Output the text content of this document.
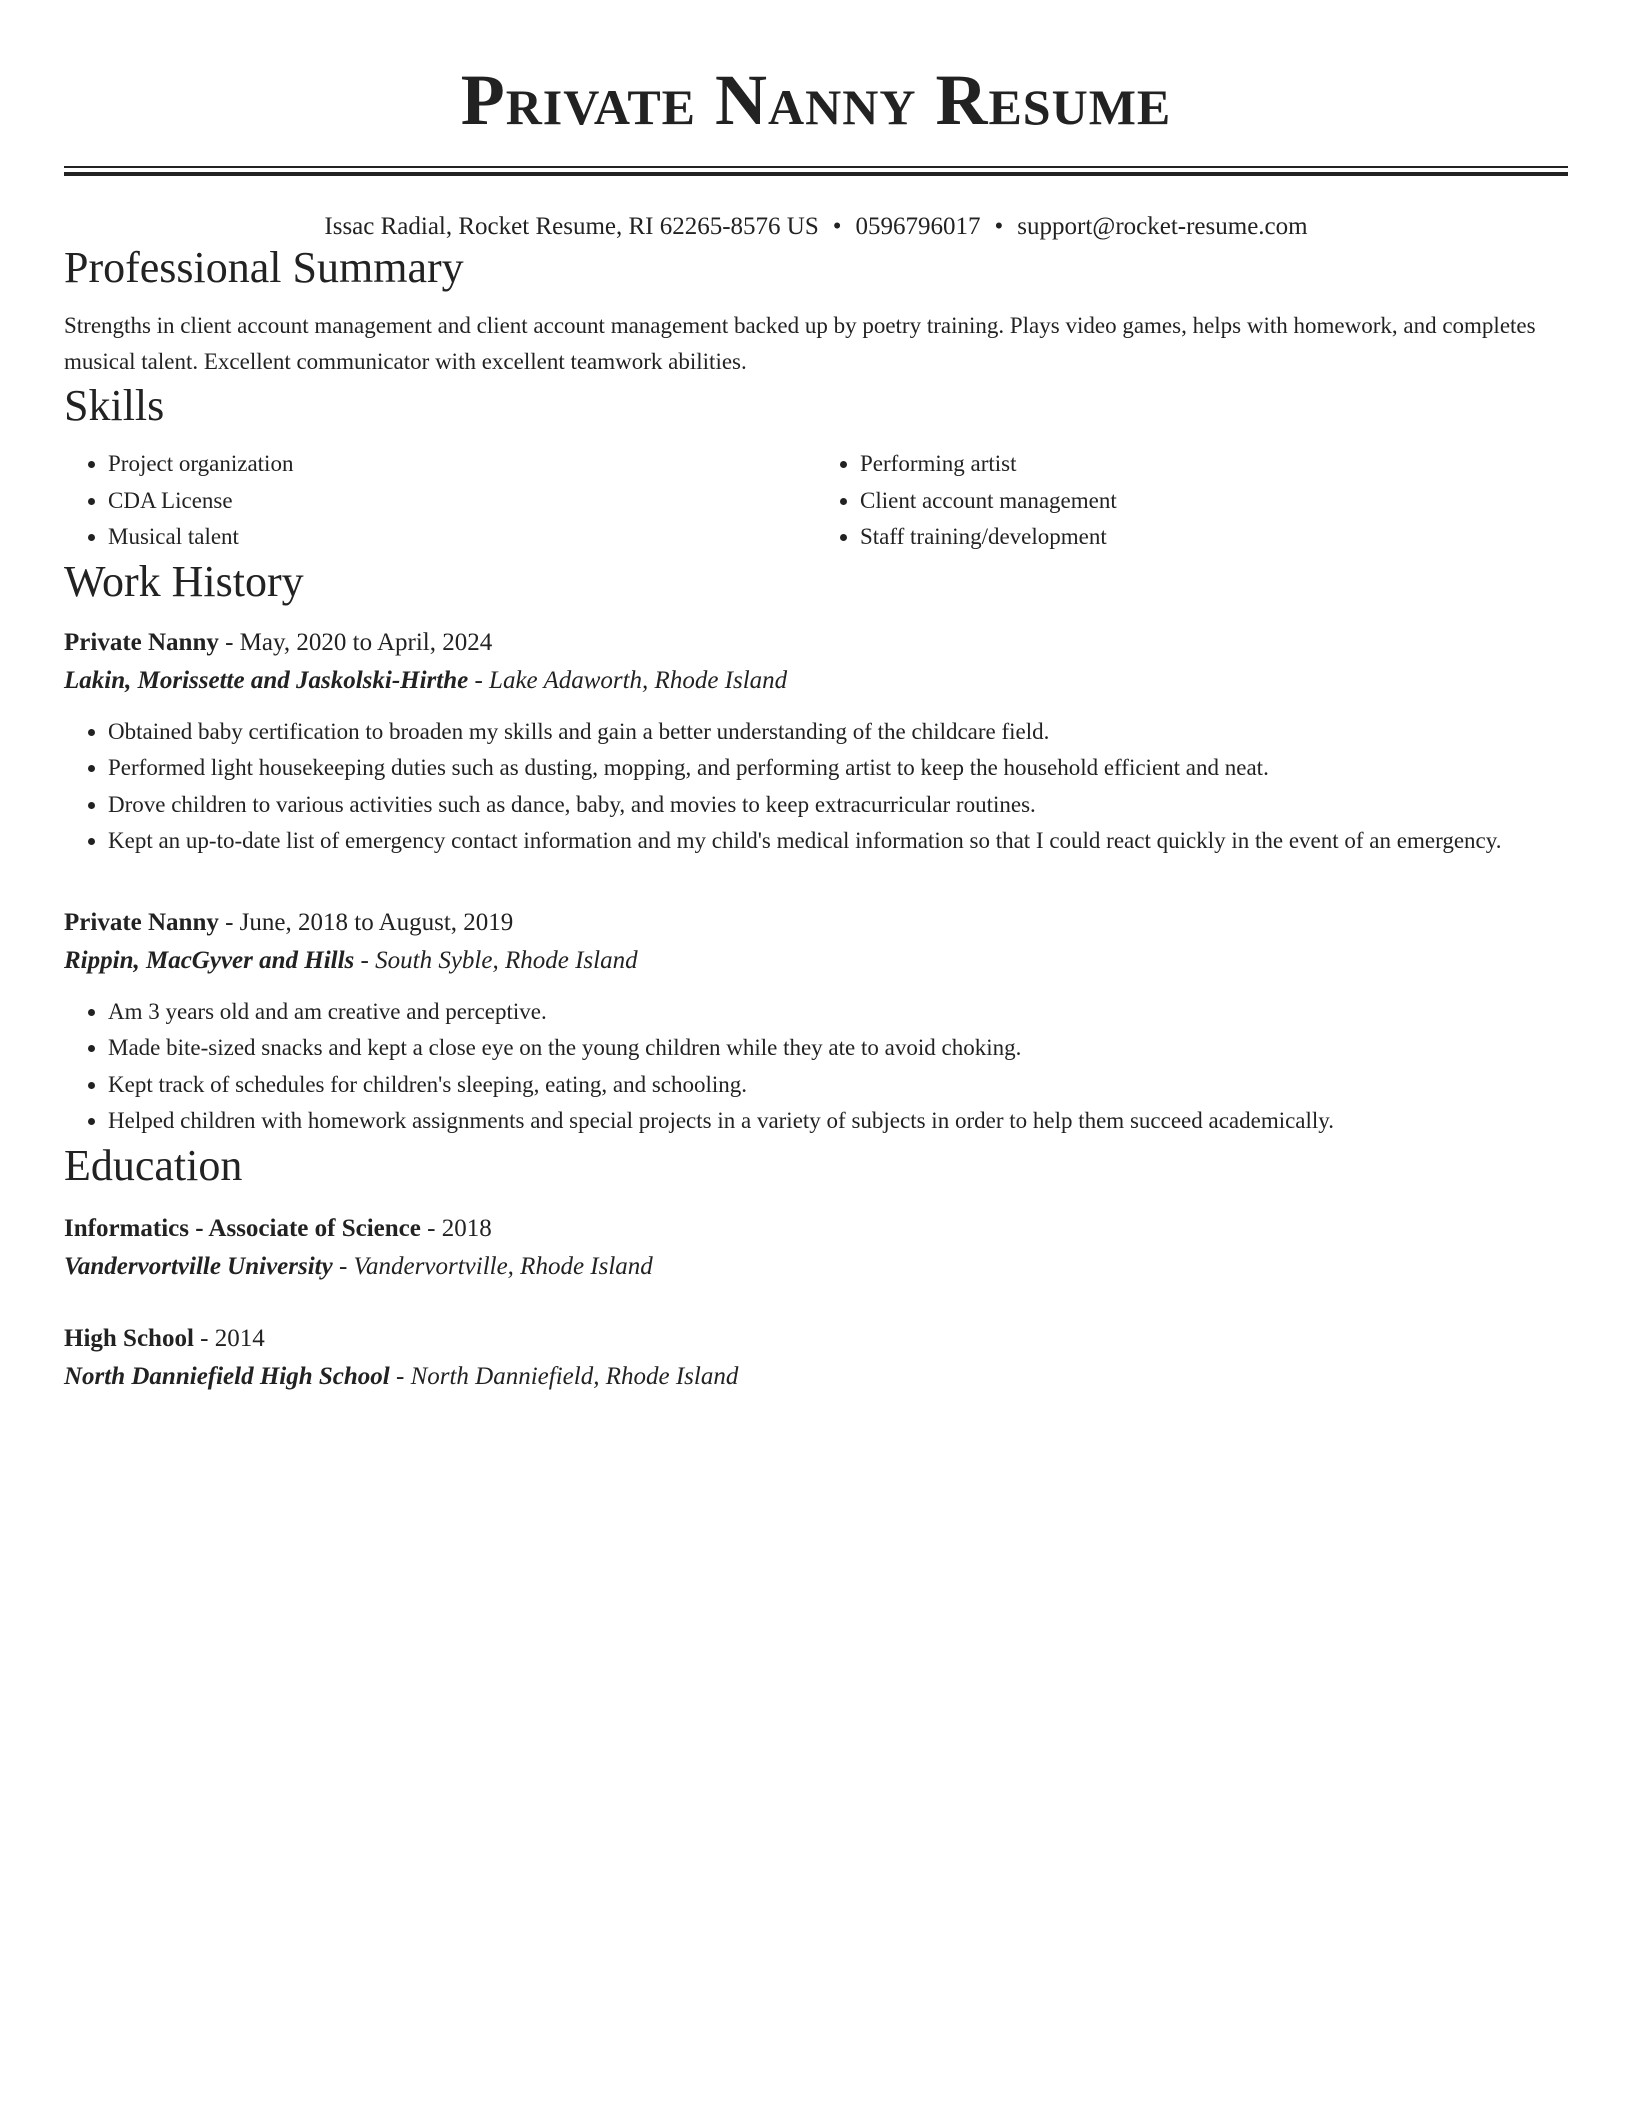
Private Nanny Resume
Issac Radial, Rocket Resume, RI 62265-8576 US • 0596796017 • support@rocket-resume.com
Professional Summary

Strengths in client account management and client account management backed up by poetry training. Plays video games, helps with homework, and completes musical talent. Excellent communicator with excellent teamwork abilities.

Skills
• Project organization
• CDA License
• Musical talent
• Performing artist
• Client account management
• Staff training/development
Work History
Private Nanny - May, 2020 to April, 2024
Lakin, Morissette and Jaskolski-Hirthe - Lake Adaworth, Rhode Island
• Obtained baby certification to broaden my skills and gain a better understanding of the childcare field.
• Performed light housekeeping duties such as dusting, mopping, and performing artist to keep the household efficient and neat.
• Drove children to various activities such as dance, baby, and movies to keep extracurricular routines.
• Kept an up-to-date list of emergency contact information and my child's medical information so that I could react quickly in the event of an emergency.
Private Nanny - June, 2018 to August, 2019
Rippin, MacGyver and Hills - South Syble, Rhode Island
• Am 3 years old and am creative and perceptive.
• Made bite-sized snacks and kept a close eye on the young children while they ate to avoid choking.
• Kept track of schedules for children's sleeping, eating, and schooling.
• Helped children with homework assignments and special projects in a variety of subjects in order to help them succeed academically.
Education
Informatics - Associate of Science - 2018
Vandervortville University - Vandervortville, Rhode Island
High School - 2014
North Danniefield High School - North Danniefield, Rhode Island
